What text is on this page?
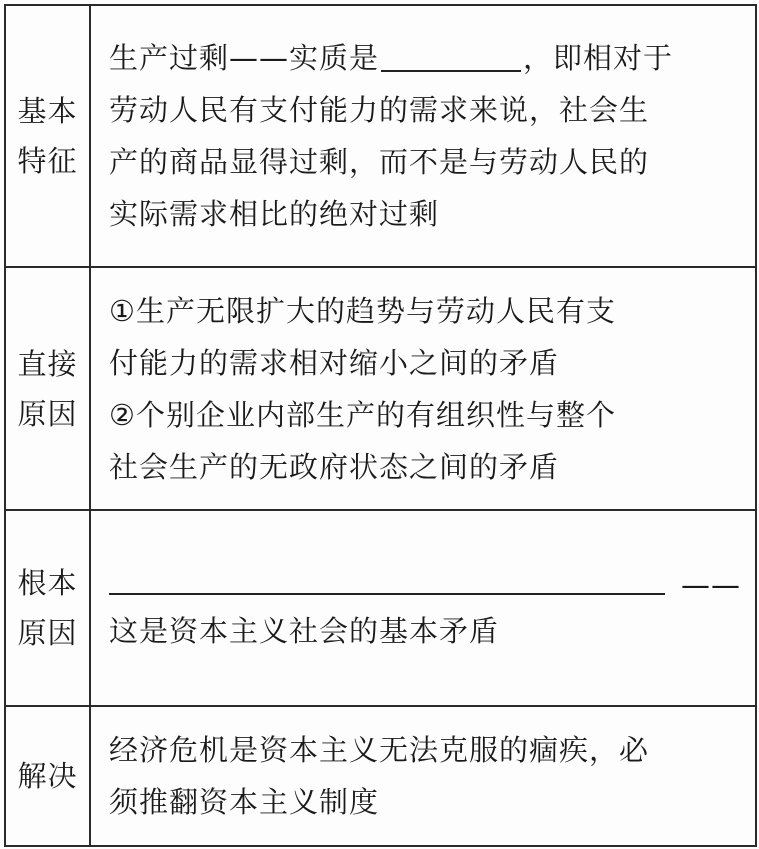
基本
特征	生产过剩——实质是 ，即相对于
劳动人民有支付能力的需求来说，社会生
产的商品显得过剩，而不是与劳动人民的
实际需求相比的绝对过剩

直接
原因	①生产无限扩大的趋势与劳动人民有支
付能力的需求相对缩小之间的矛盾
②个别企业内部生产的有组织性与整个
社会生产的无政府状态之间的矛盾

根本
原因	——
这是资本主义社会的基本矛盾

解决	经济危机是资本主义无法克服的痼疾，必
须推翻资本主义制度
